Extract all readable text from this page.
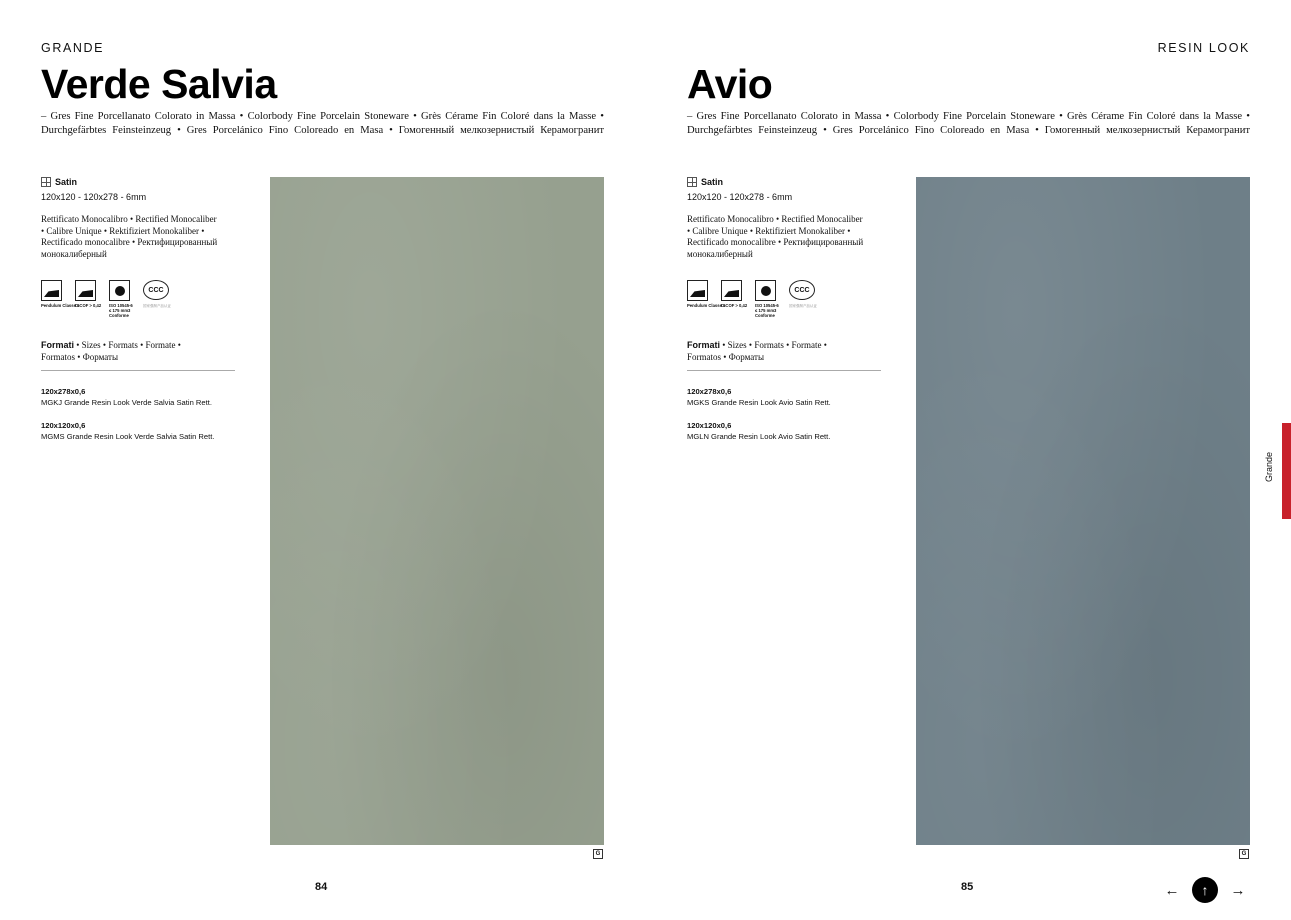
GRANDE
Verde Salvia
– Gres Fine Porcellanato Colorato in Massa • Colorbody Fine Porcelain Stoneware • Grès Cérame Fin Coloré dans la Masse • Durchgefärbtes Feinsteinzeug • Gres Porcelánico Fino Coloreado en Masa • Гомогенный мелкозернистый Керамогранит
Satin
120x120 - 120x278 - 6mm
Rettificato Monocalibro • Rectified Monocaliber • Calibre Unique • Rektifiziert Monokaliber • Rectificado monocalibre • Ректифицированный монокалиберный
Pendulum Classe 1
D-COF > 0,42 ISO 10545-6 ≤ 175 mm3 Conforme
CCC
国家强制产品认证
Formati • Sizes • Formats • Formate • Formatos • Форматы
120x278x0,6
MGKJ Grande Resin Look Verde Salvia Satin Rett.
120x120x0,6
MGMS Grande Resin Look Verde Salvia Satin Rett.
G
84
RESIN LOOK
Avio
– Gres Fine Porcellanato Colorato in Massa • Colorbody Fine Porcelain Stoneware • Grès Cérame Fin Coloré dans la Masse • Durchgefärbtes Feinsteinzeug • Gres Porcelánico Fino Coloreado en Masa • Гомогенный мелкозернистый Керамогранит
Satin
120x120 - 120x278 - 6mm
Rettificato Monocalibro • Rectified Monocaliber • Calibre Unique • Rektifiziert Monokaliber • Rectificado monocalibre • Ректифицированный монокалиберный
Pendulum Classe 1
D-COF > 0,42 ISO 10545-6 ≤ 175 mm3 Conforme
CCC
国家强制产品认证
Formati • Sizes • Formats • Formate • Formatos • Форматы
120x278x0,6
MGKS Grande Resin Look Avio Satin Rett.
120x120x0,6
MGLN Grande Resin Look Avio Satin Rett.
G
85
Grande
←	↑	→
